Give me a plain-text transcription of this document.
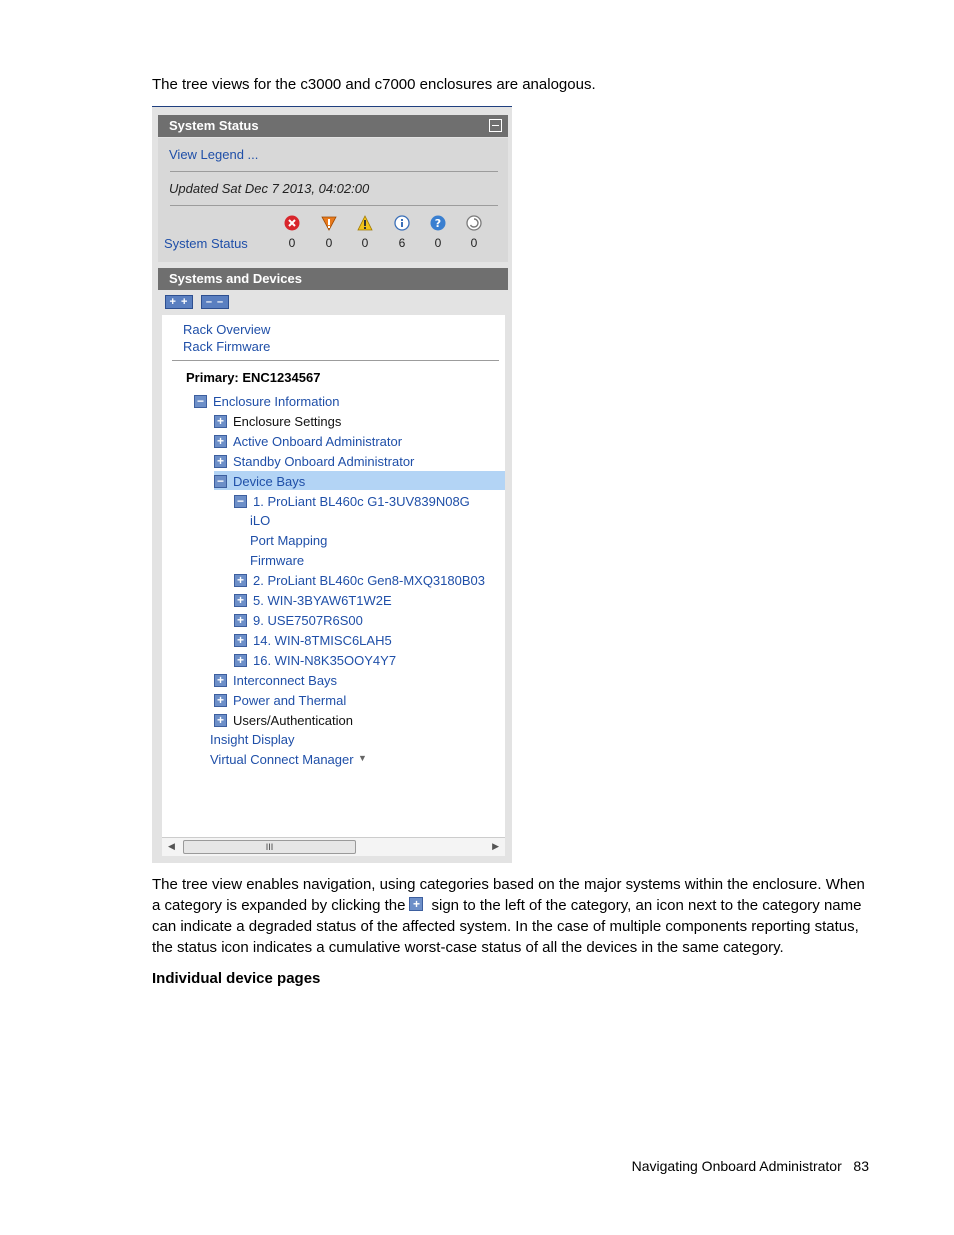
The tree views for the c3000 and c7000 enclosures are analogous.
System Status
View Legend ...
Updated Sat Dec 7 2013, 04:02:00
System Status
?
0	0	0	6	0	0
Systems and Devices
+ +	– –
Rack Overview
Rack Firmware
Primary: ENC1234567
− Enclosure Information
+ Enclosure Settings
+ Active Onboard Administrator
+ Standby Onboard Administrator
− Device Bays
− 1. ProLiant BL460c G1-3UV839N08G
iLO
Port Mapping
Firmware
+ 2. ProLiant BL460c Gen8-MXQ3180B03
+ 5. WIN-3BYAW6T1W2E
+ 9. USE7507R6S00
+ 14. WIN-8TMISC6LAH5
+ 16. WIN-N8K35OOY4Y7
+ Interconnect Bays
+ Power and Thermal
+ Users/Authentication
Insight Display
Virtual Connect Manager ▼
◀	III	▶
The tree view enables navigation, using categories based on the major systems within the enclosure. When a category is expanded by clicking the + sign to the left of the category, an icon next to the category name can indicate a degraded status of the affected system. In the case of multiple components reporting status, the status icon indicates a cumulative worst-case status of all the devices in the same category.
Individual device pages
Navigating Onboard Administrator 83
